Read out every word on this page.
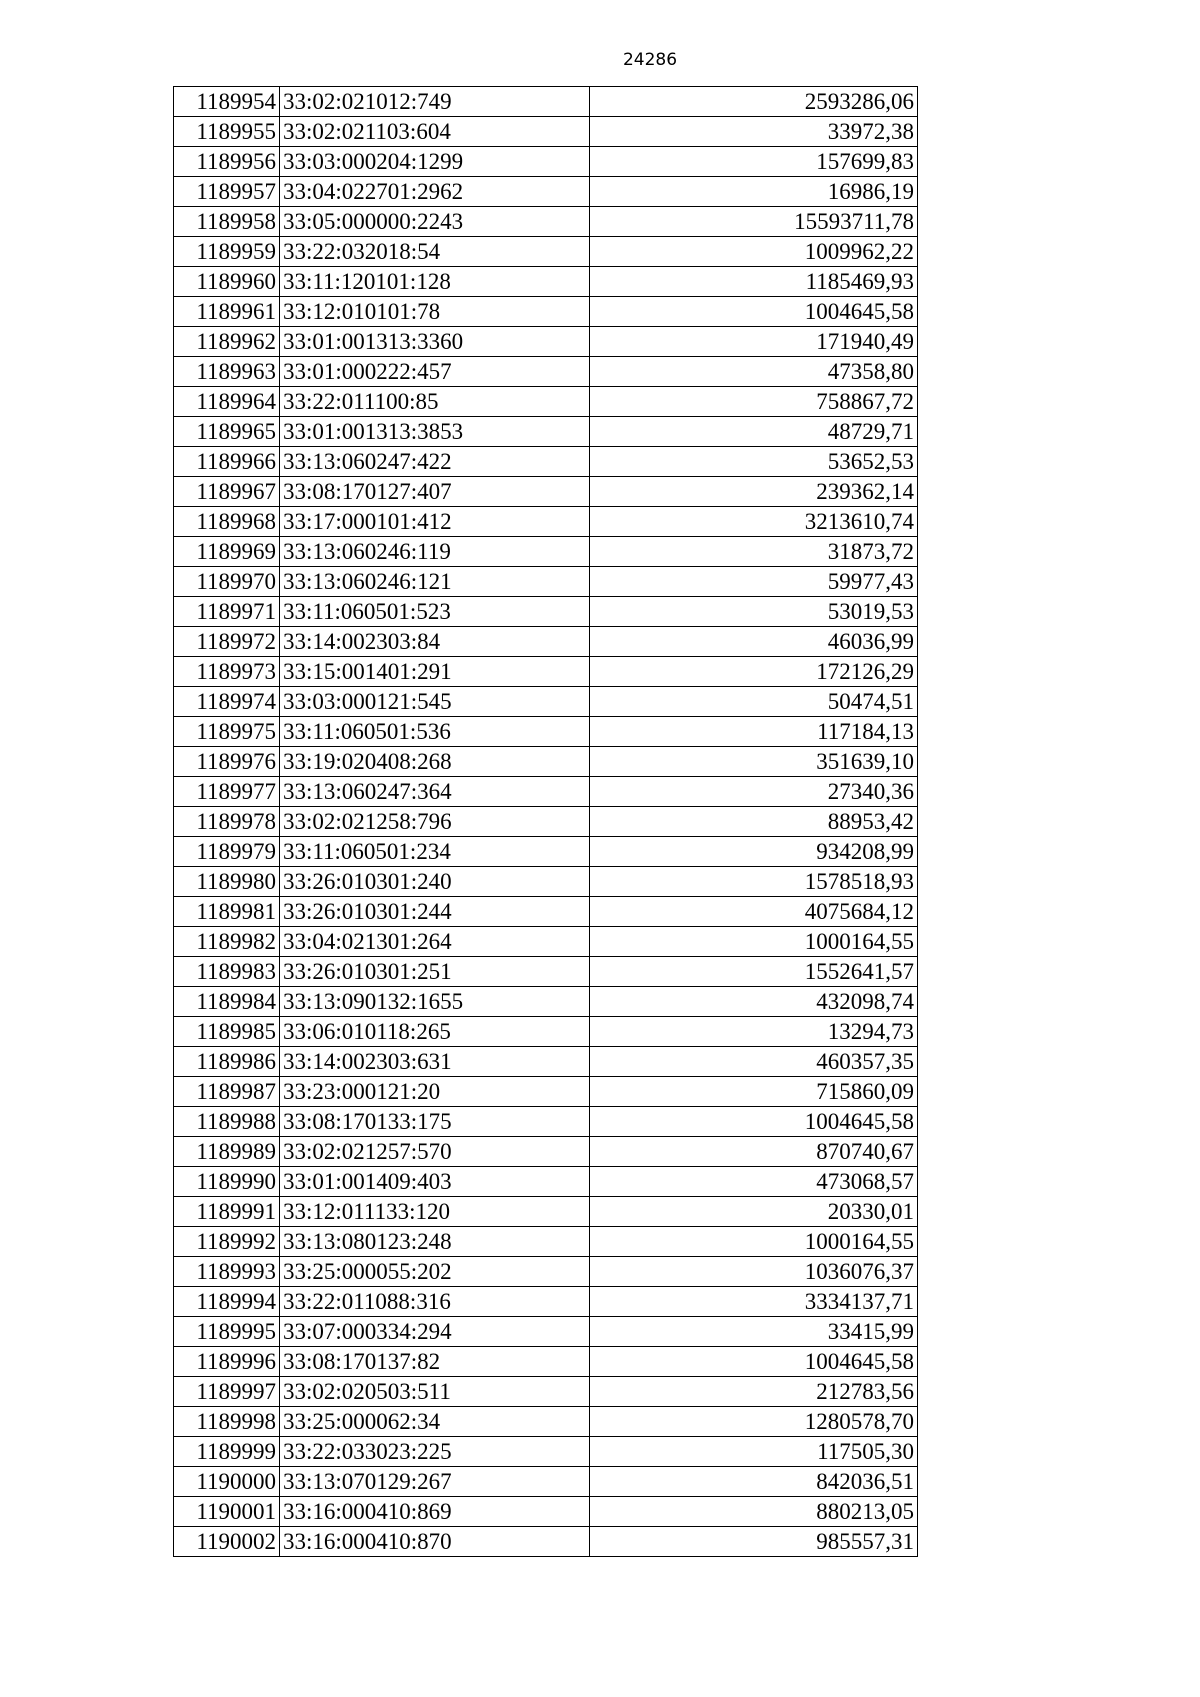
24286
1189954	33:02:021012:749	2593286,06
1189955	33:02:021103:604	33972,38
1189956	33:03:000204:1299	157699,83
1189957	33:04:022701:2962	16986,19
1189958	33:05:000000:2243	15593711,78
1189959	33:22:032018:54	1009962,22
1189960	33:11:120101:128	1185469,93
1189961	33:12:010101:78	1004645,58
1189962	33:01:001313:3360	171940,49
1189963	33:01:000222:457	47358,80
1189964	33:22:011100:85	758867,72
1189965	33:01:001313:3853	48729,71
1189966	33:13:060247:422	53652,53
1189967	33:08:170127:407	239362,14
1189968	33:17:000101:412	3213610,74
1189969	33:13:060246:119	31873,72
1189970	33:13:060246:121	59977,43
1189971	33:11:060501:523	53019,53
1189972	33:14:002303:84	46036,99
1189973	33:15:001401:291	172126,29
1189974	33:03:000121:545	50474,51
1189975	33:11:060501:536	117184,13
1189976	33:19:020408:268	351639,10
1189977	33:13:060247:364	27340,36
1189978	33:02:021258:796	88953,42
1189979	33:11:060501:234	934208,99
1189980	33:26:010301:240	1578518,93
1189981	33:26:010301:244	4075684,12
1189982	33:04:021301:264	1000164,55
1189983	33:26:010301:251	1552641,57
1189984	33:13:090132:1655	432098,74
1189985	33:06:010118:265	13294,73
1189986	33:14:002303:631	460357,35
1189987	33:23:000121:20	715860,09
1189988	33:08:170133:175	1004645,58
1189989	33:02:021257:570	870740,67
1189990	33:01:001409:403	473068,57
1189991	33:12:011133:120	20330,01
1189992	33:13:080123:248	1000164,55
1189993	33:25:000055:202	1036076,37
1189994	33:22:011088:316	3334137,71
1189995	33:07:000334:294	33415,99
1189996	33:08:170137:82	1004645,58
1189997	33:02:020503:511	212783,56
1189998	33:25:000062:34	1280578,70
1189999	33:22:033023:225	117505,30
1190000	33:13:070129:267	842036,51
1190001	33:16:000410:869	880213,05
1190002	33:16:000410:870	985557,31
